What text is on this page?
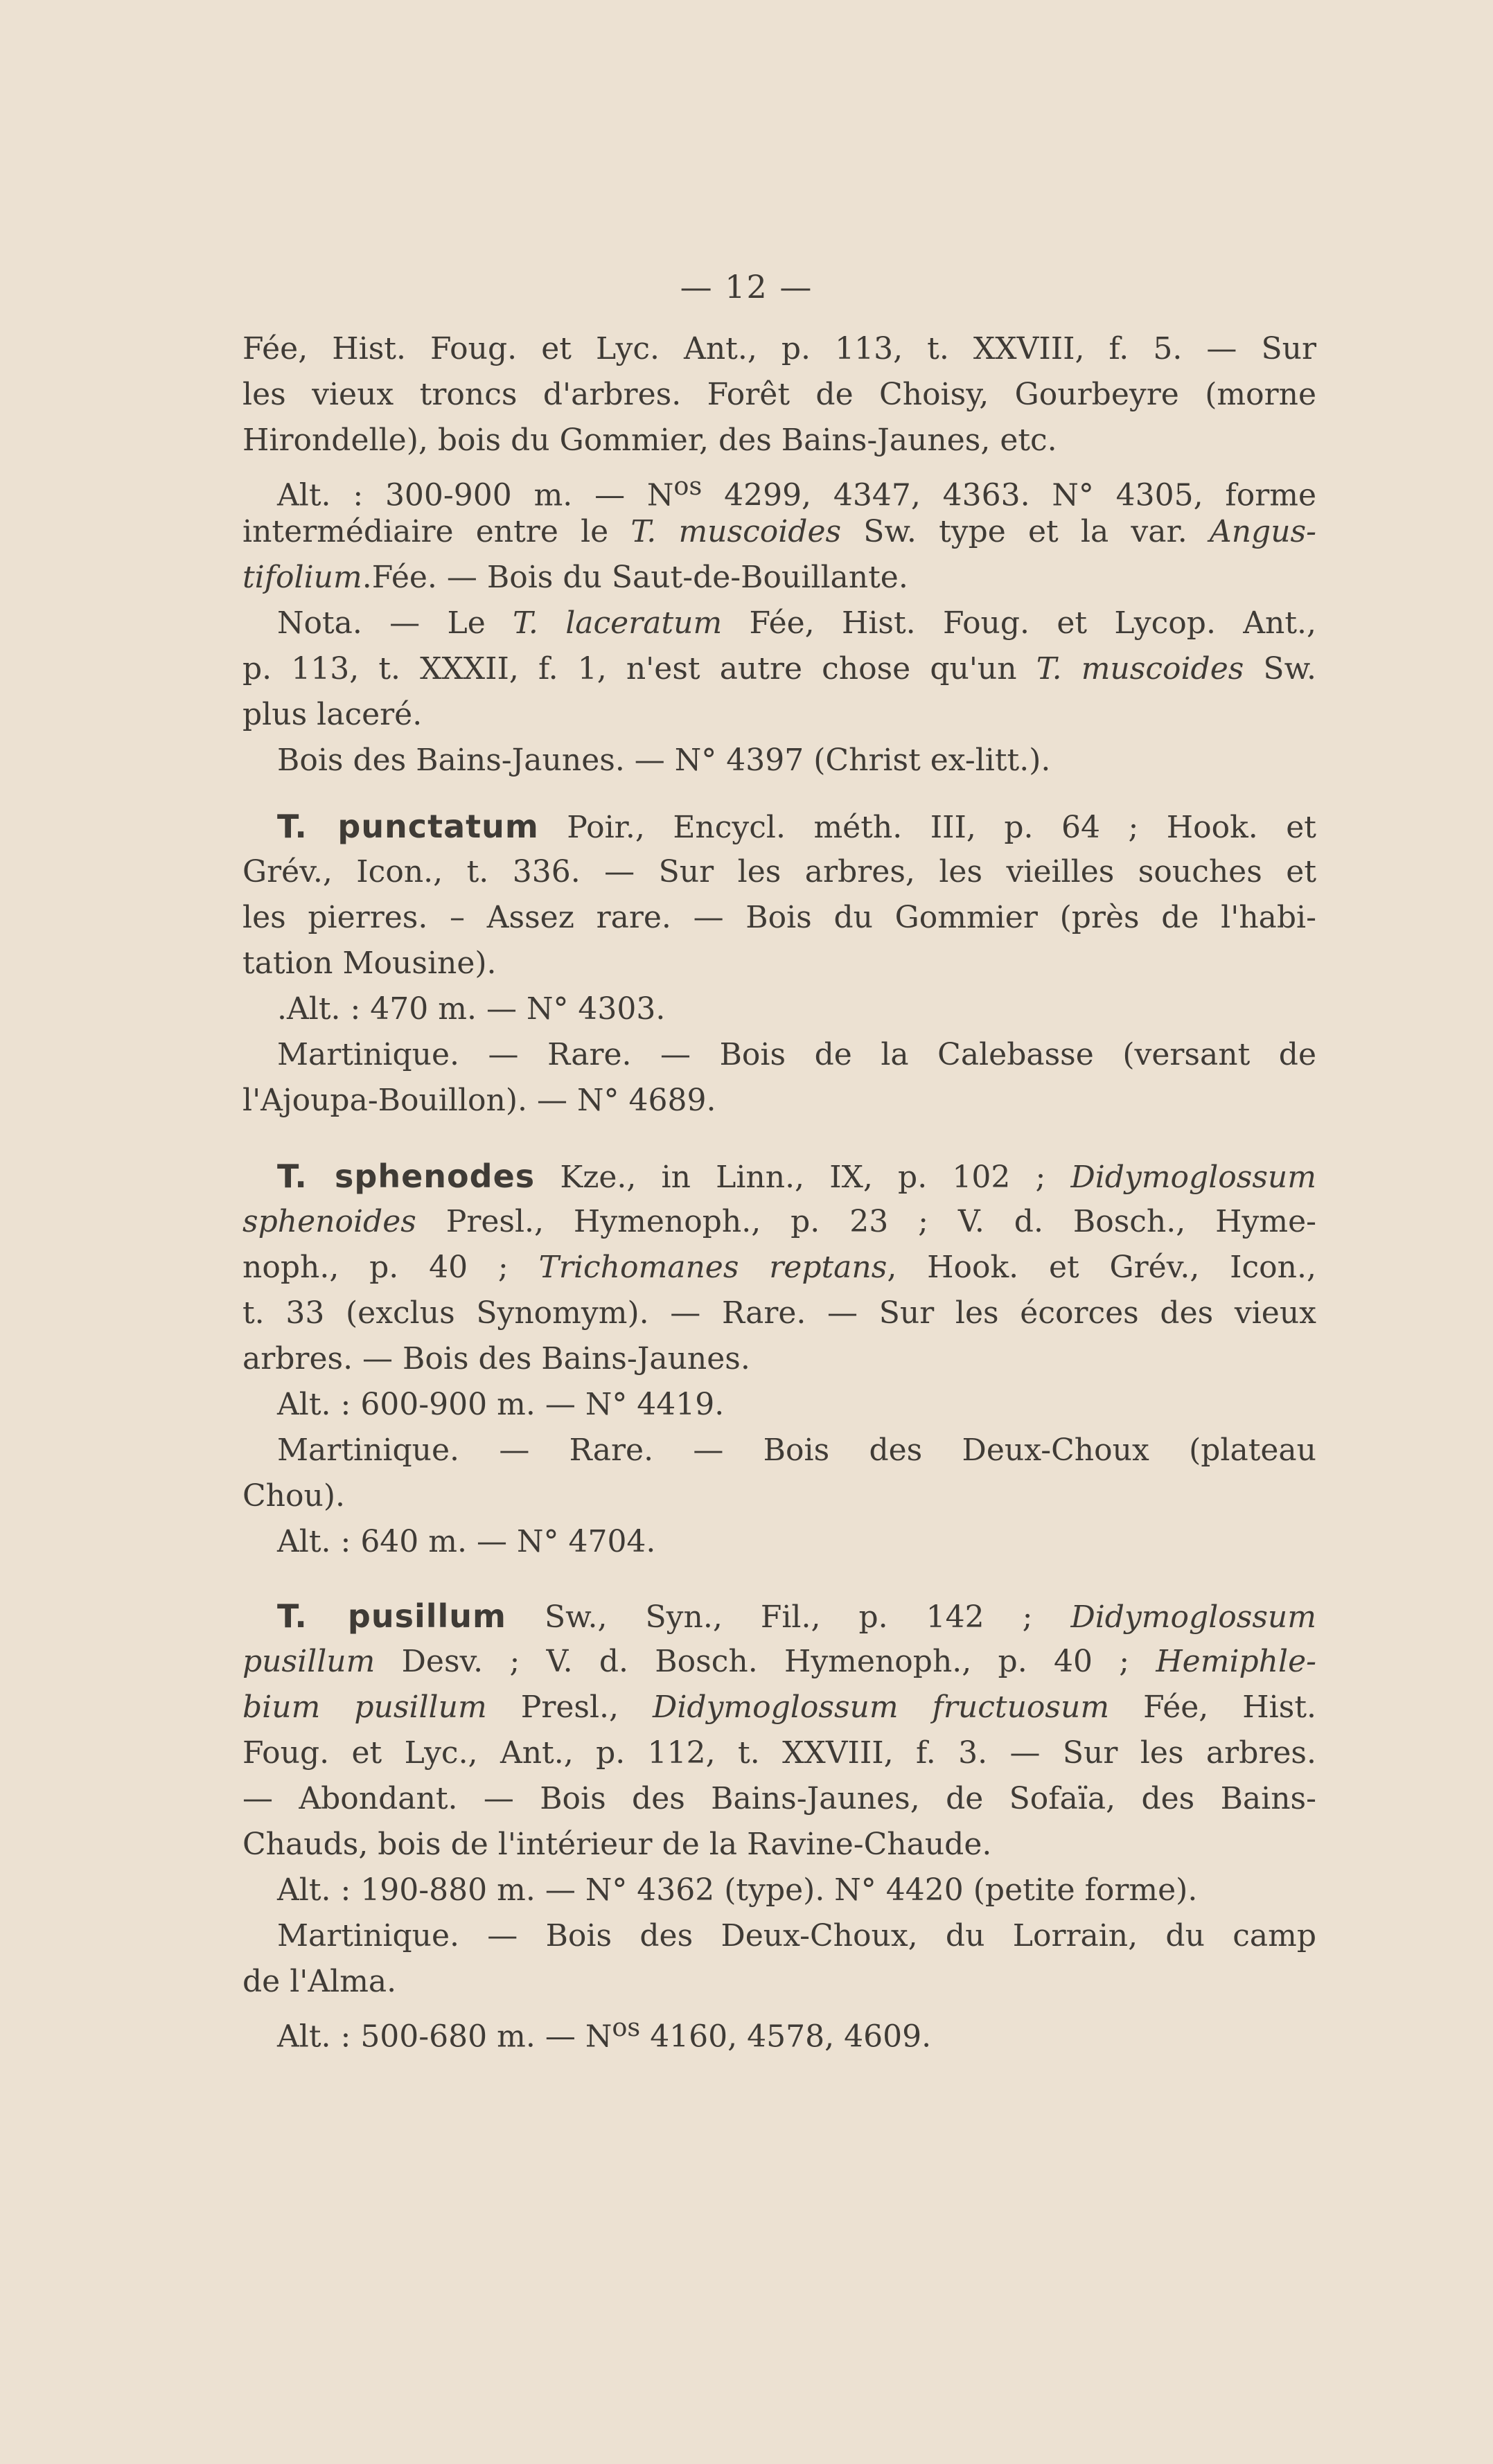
— 12 —
Fée, Hist. Foug. et Lyc. Ant., p. 113, t. XXVIII, f. 5. — Sur
les vieux troncs d'arbres. Forêt de Choisy, Gourbeyre (morne
Hirondelle), bois du Gommier, des Bains-Jaunes, etc.
Alt. : 300-900 m. — $N^{os}$ 4299, 4347, 4363. N° 4305, forme
intermédiaire entre le T. muscoides Sw. type et la var. Angus-
tifolium.Fée. — Bois du Saut-de-Bouillante.
Nota. — Le T. laceratum Fée, Hist. Foug. et Lycop. Ant.,
p. 113, t. XXXII, f. 1, n'est autre chose qu'un T. muscoides Sw.
plus laceré.
Bois des Bains-Jaunes. — N° 4397 (Christ ex-litt.).
T. punctatum Poir., Encycl. méth. III, p. 64 ; Hook. et
Grév., Icon., t. 336. — Sur les arbres, les vieilles souches et
les pierres. – Assez rare. — Bois du Gommier (près de l'habi-
tation Mousine).
.Alt. : 470 m. — N° 4303.
Martinique. — Rare. — Bois de la Calebasse (versant de
l'Ajoupa-Bouillon). — N° 4689.
T. sphenodes Kze., in Linn., IX, p. 102 ; Didymoglossum
sphenoides Presl., Hymenoph., p. 23 ; V. d. Bosch., Hyme-
noph., p. 40 ; Trichomanes reptans, Hook. et Grév., Icon.,
t. 33 (exclus Synomym). — Rare. — Sur les écorces des vieux
arbres. — Bois des Bains-Jaunes.
Alt. : 600-900 m. — N° 4419.
Martinique. — Rare. — Bois des Deux-Choux (plateau
Chou).
Alt. : 640 m. — N° 4704.
T. pusillum Sw., Syn., Fil., p. 142 ; Didymoglossum
pusillum Desv. ; V. d. Bosch. Hymenoph., p. 40 ; Hemiphle-
bium pusillum Presl., Didymoglossum fructuosum Fée, Hist.
Foug. et Lyc., Ant., p. 112, t. XXVIII, f. 3. — Sur les arbres.
— Abondant. — Bois des Bains-Jaunes, de Sofaïa, des Bains-
Chauds, bois de l'intérieur de la Ravine-Chaude.
Alt. : 190-880 m. — N° 4362 (type). N° 4420 (petite forme).
Martinique. — Bois des Deux-Choux, du Lorrain, du camp
de l'Alma.
Alt. : 500-680 m. — $N^{os}$ 4160, 4578, 4609.
